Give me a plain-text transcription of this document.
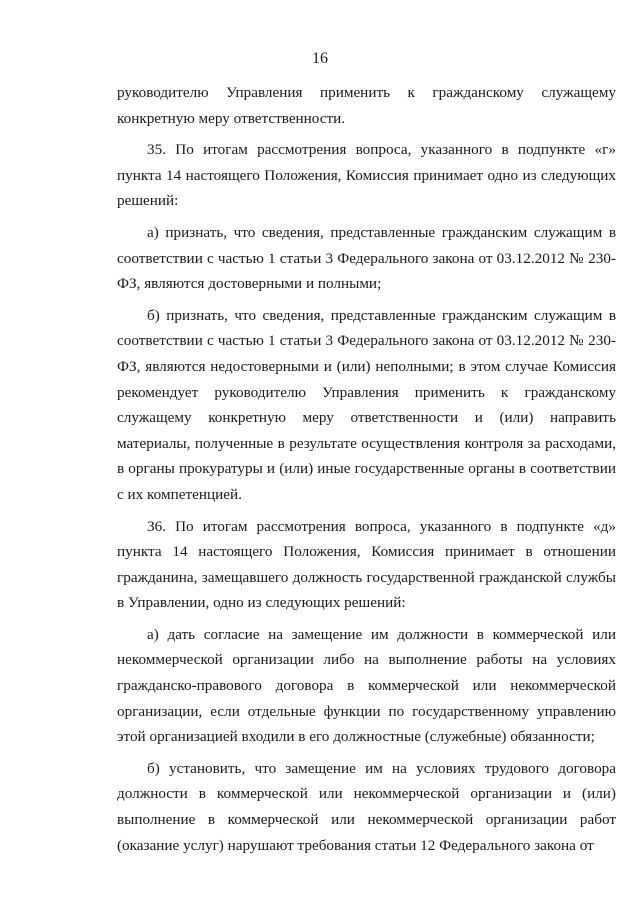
16

руководителю Управления применить к гражданскому служащему конкретную меру ответственности.

35. По итогам рассмотрения вопроса, указанного в подпункте «г» пункта 14 настоящего Положения, Комиссия принимает одно из следующих решений:

а) признать, что сведения, представленные гражданским служащим в соответствии с частью 1 статьи 3 Федерального закона от 03.12.2012 № 230-ФЗ, являются достоверными и полными;

б) признать, что сведения, представленные гражданским служащим в соответствии с частью 1 статьи 3 Федерального закона от 03.12.2012 № 230-ФЗ, являются недостоверными и (или) неполными; в этом случае Комиссия рекомендует руководителю Управления применить к гражданскому служащему конкретную меру ответственности и (или) направить материалы, полученные в результате осуществления контроля за расходами, в органы прокуратуры и (или) иные государственные органы в соответствии с их компетенцией.

36. По итогам рассмотрения вопроса, указанного в подпункте «д» пункта 14 настоящего Положения, Комиссия принимает в отношении гражданина, замещавшего должность государственной гражданской службы в Управлении, одно из следующих решений:

а) дать согласие на замещение им должности в коммерческой или некоммерческой организации либо на выполнение работы на условиях гражданско-правового договора в коммерческой или некоммерческой организации, если отдельные функции по государственному управлению этой организацией входили в его должностные (служебные) обязанности;

б) установить, что замещение им на условиях трудового договора должности в коммерческой или некоммерческой организации и (или) выполнение в коммерческой или некоммерческой организации работ (оказание услуг) нарушают требования статьи 12 Федерального закона от
